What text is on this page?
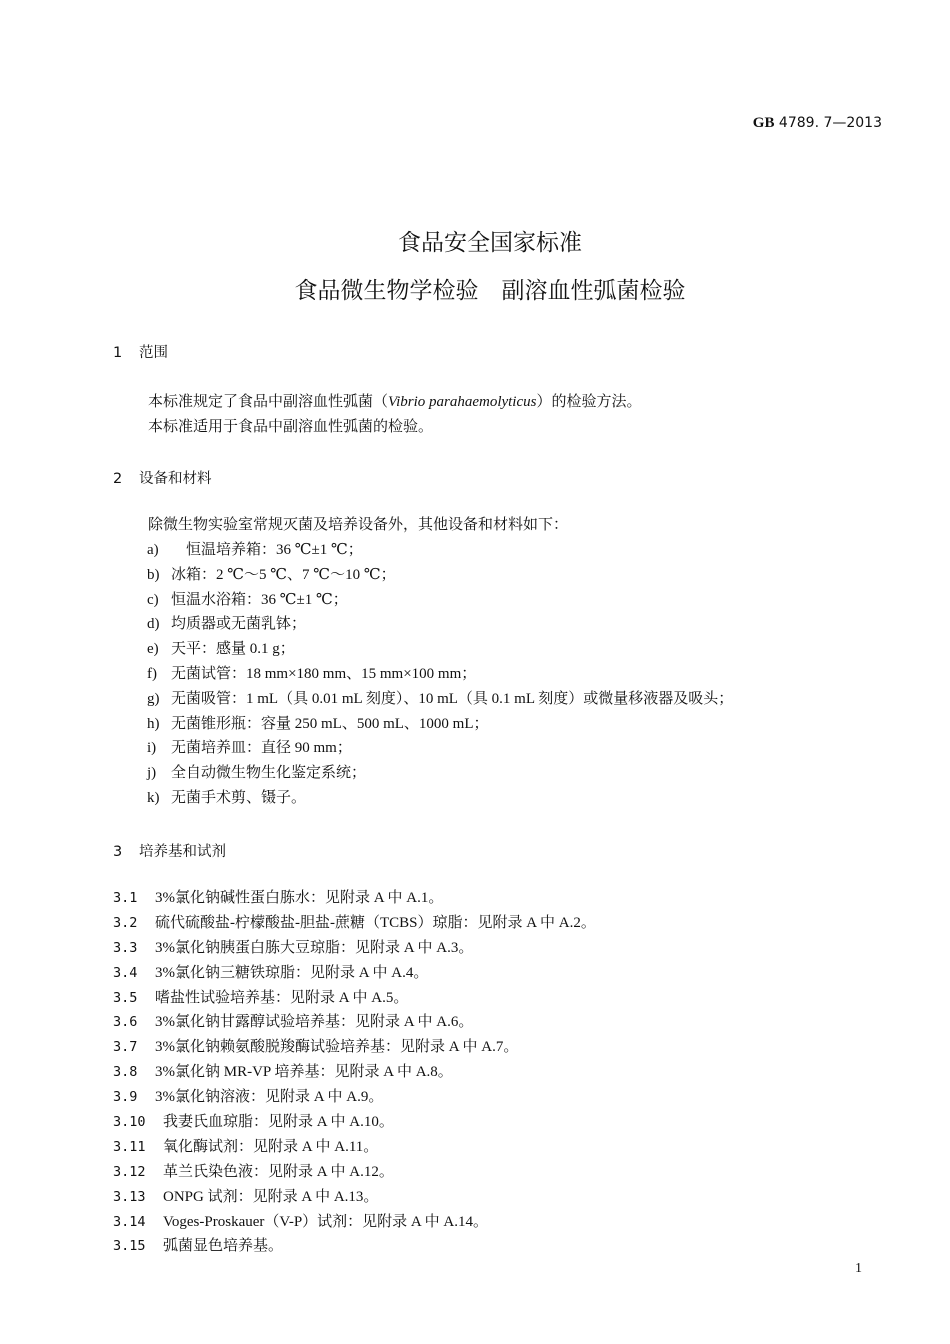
GB 4789. 7—2013
食品安全国家标准
食品微生物学检验　副溶血性弧菌检验
1 范围
本标准规定了食品中副溶血性弧菌（Vibrio parahaemolyticus）的检验方法。
本标准适用于食品中副溶血性弧菌的检验。
2 设备和材料
除微生物实验室常规灭菌及培养设备外，其他设备和材料如下：
a) 　恒温培养箱：36 ℃±1 ℃；
b) 冰箱：2 ℃～5 ℃、7 ℃～10 ℃；
c) 恒温水浴箱：36 ℃±1 ℃；
d) 均质器或无菌乳钵；
e) 天平：感量 0.1 g；
f) 无菌试管：18 mm×180 mm、15 mm×100 mm；
g) 无菌吸管：1 mL（具 0.01 mL 刻度）、10 mL（具 0.1 mL 刻度）或微量移液器及吸头；
h) 无菌锥形瓶：容量 250 mL、500 mL、1000 mL；
i) 无菌培养皿：直径 90 mm；
j) 全自动微生物生化鉴定系统；
k) 无菌手术剪、镊子。
3 培养基和试剂
3.1	3%氯化钠碱性蛋白胨水：见附录 A 中 A.1。
3.2	硫代硫酸盐-柠檬酸盐-胆盐-蔗糖（TCBS）琼脂：见附录 A 中 A.2。
3.3	3%氯化钠胰蛋白胨大豆琼脂：见附录 A 中 A.3。
3.4	3%氯化钠三糖铁琼脂：见附录 A 中 A.4。
3.5	嗜盐性试验培养基：见附录 A 中 A.5。
3.6	3%氯化钠甘露醇试验培养基：见附录 A 中 A.6。
3.7	3%氯化钠赖氨酸脱羧酶试验培养基：见附录 A 中 A.7。
3.8	3%氯化钠 MR-VP 培养基：见附录 A 中 A.8。
3.9	3%氯化钠溶液：见附录 A 中 A.9。
3.10	我妻氏血琼脂：见附录 A 中 A.10。
3.11	氧化酶试剂：见附录 A 中 A.11。
3.12	革兰氏染色液：见附录 A 中 A.12。
3.13	ONPG 试剂：见附录 A 中 A.13。
3.14	Voges-Proskauer（V-P）试剂：见附录 A 中 A.14。
3.15	弧菌显色培养基。
1
